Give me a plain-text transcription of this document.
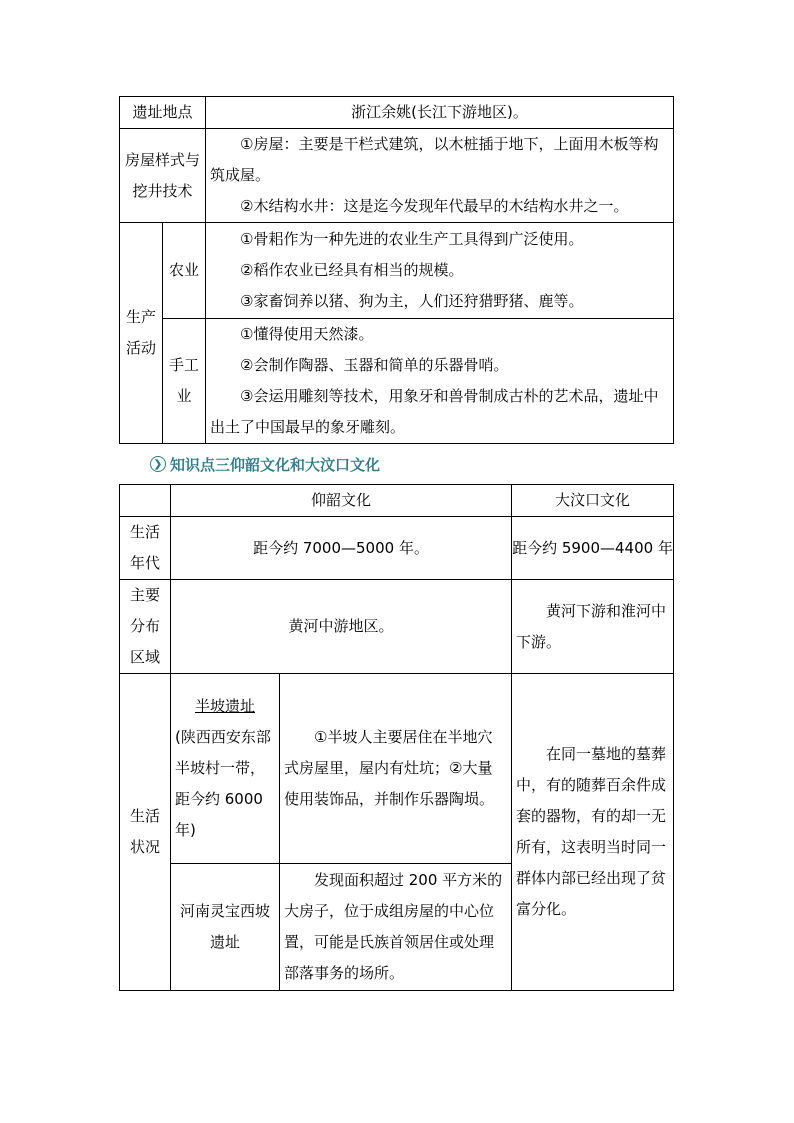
遗址地点		浙江余姚(长江下游地区)。
房屋样式与挖井技术		①房屋：主要是干栏式建筑，以木桩插于地下，上面用木板等构筑成屋。
②木结构水井：这是迄今发现年代最早的木结构水井之一。

生产活动	农业	①骨耜作为一种先进的农业生产工具得到广泛使用。
②稻作农业已经具有相当的规模。
③家畜饲养以猪、狗为主，人们还狩猎野猪、鹿等。

	手工业	①懂得使用天然漆。
②会制作陶器、玉器和简单的乐器骨哨。
③会运用雕刻等技术，用象牙和兽骨制成古朴的艺术品，遗址中出土了中国最早的象牙雕刻。
❯ 知识点三仰韶文化和大汶口文化
	仰韶文化		大汶口文化
生活年代	距今约 7000—5000 年。		距今约 5900—4400 年
主要分布区域	黄河中游地区。		黄河下游和淮河中下游。

生活状况	半坡遗址
(陕西西安东部半坡村一带，距今约 6000 年)	①半坡人主要居住在半地穴式房屋里，屋内有灶坑；②大量使用装饰品，并制作乐器陶埙。	在同一墓地的墓葬中，有的随葬百余件成套的器物，有的却一无所有，这表明当时同一群体内部已经出现了贫富分化。

	河南灵宝西坡遗址	发现面积超过 200 平方米的大房子，位于成组房屋的中心位置，可能是氏族首领居住或处理部落事务的场所。	
